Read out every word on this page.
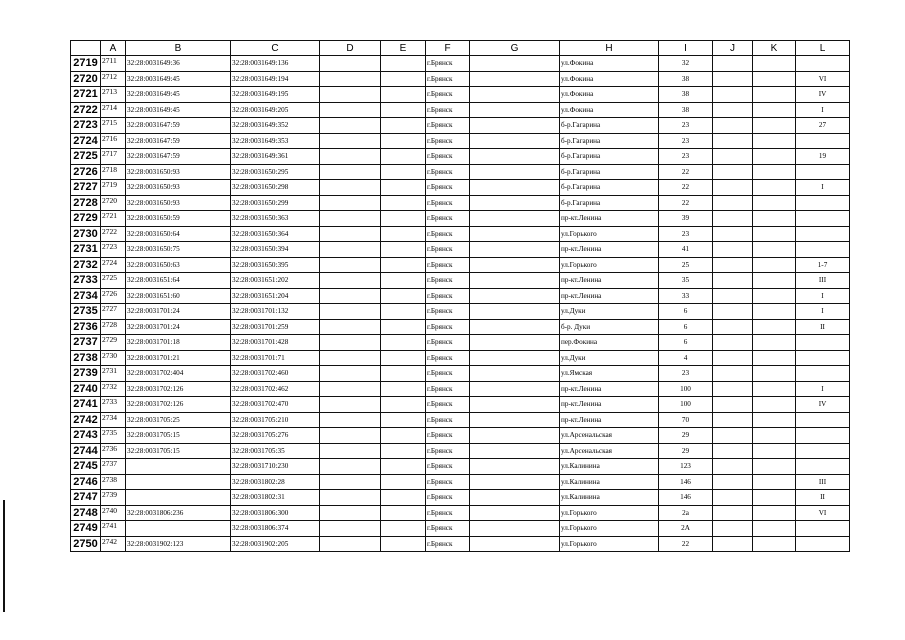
	A	B	C	D	E	F	G	H	I	J	K	L
2719	2711	32:28:0031649:36	32:28:0031649:136			г.Брянск		ул.Фокина	32			
2720	2712	32:28:0031649:45	32:28:0031649:194			г.Брянск		ул.Фокина	38			VI
2721	2713	32:28:0031649:45	32:28:0031649:195			г.Брянск		ул.Фокина	38			IV
2722	2714	32:28:0031649:45	32:28:0031649:205			г.Брянск		ул.Фокина	38			I
2723	2715	32:28:0031647:59	32:28:0031649:352			г.Брянск		б-р.Гагарина	23			27
2724	2716	32:28:0031647:59	32:28:0031649:353			г.Брянск		б-р.Гагарина	23			
2725	2717	32:28:0031647:59	32:28:0031649:361			г.Брянск		б-р.Гагарина	23			19
2726	2718	32:28:0031650:93	32:28:0031650:295			г.Брянск		б-р.Гагарина	22			
2727	2719	32:28:0031650:93	32:28:0031650:298			г.Брянск		б-р.Гагарина	22			I
2728	2720	32:28:0031650:93	32:28:0031650:299			г.Брянск		б-р.Гагарина	22			
2729	2721	32:28:0031650:59	32:28:0031650:363			г.Брянск		пр-кт.Ленина	39			
2730	2722	32:28:0031650:64	32:28:0031650:364			г.Брянск		ул.Горького	23			
2731	2723	32:28:0031650:75	32:28:0031650:394			г.Брянск		пр-кт.Ленина	41			
2732	2724	32:28:0031650:63	32:28:0031650:395			г.Брянск		ул.Горького	25			1-7
2733	2725	32:28:0031651:64	32:28:0031651:202			г.Брянск		пр-кт.Ленина	35			III
2734	2726	32:28:0031651:60	32:28:0031651:204			г.Брянск		пр-кт.Ленина	33			I
2735	2727	32:28:0031701:24	32:28:0031701:132			г.Брянск		ул.Дуки	6			I
2736	2728	32:28:0031701:24	32:28:0031701:259			г.Брянск		б-р. Дуки	6			II
2737	2729	32:28:0031701:18	32:28:0031701:428			г.Брянск		пер.Фокина	6			
2738	2730	32:28:0031701:21	32:28:0031701:71			г.Брянск		ул.Дуки	4			
2739	2731	32:28:0031702:404	32:28:0031702:460			г.Брянск		ул.Ямская	23			
2740	2732	32:28:0031702:126	32:28:0031702:462			г.Брянск		пр-кт.Ленина	100			I
2741	2733	32:28:0031702:126	32:28:0031702:470			г.Брянск		пр-кт.Ленина	100			IV
2742	2734	32:28:0031705:25	32:28:0031705:210			г.Брянск		пр-кт.Ленина	70			
2743	2735	32:28:0031705:15	32:28:0031705:276			г.Брянск		ул.Арсенальская	29			
2744	2736	32:28:0031705:15	32:28:0031705:35			г.Брянск		ул.Арсенальская	29			
2745	2737		32:28:0031710:230			г.Брянск		ул.Калинина	123			
2746	2738		32:28:0031802:28			г.Брянск		ул.Калинина	146			III
2747	2739		32:28:0031802:31			г.Брянск		ул.Калинина	146			II
2748	2740	32:28:0031806:236	32:28:0031806:300			г.Брянск		ул.Горького	2а			VI
2749	2741		32:28:0031806:374			г.Брянск		ул.Горького	2А			
2750	2742	32:28:0031902:123	32:28:0031902:205			г.Брянск		ул.Горького	22			
